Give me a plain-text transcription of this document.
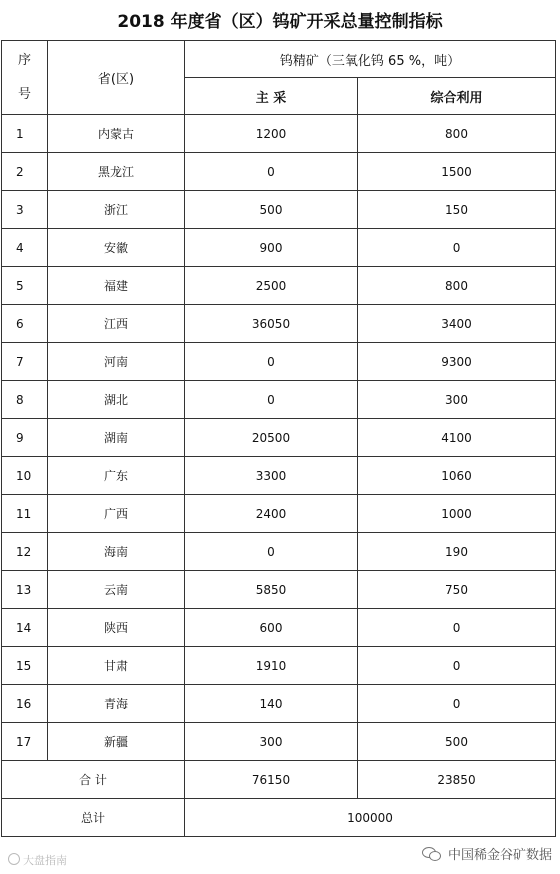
2018 年度省（区）钨矿开采总量控制指标
序
号	省(区)	钨精矿（三氧化钨 65 %，吨）	
		主 采	综合利用
1	内蒙古	1200	800
2	黑龙江	0	1500
3	浙江	500	150
4	安徽	900	0
5	福建	2500	800
6	江西	36050	3400
7	河南	0	9300
8	湖北	0	300
9	湖南	20500	4100
10	广东	3300	1060
11	广西	2400	1000
12	海南	0	190
13	云南	5850	750
14	陕西	600	0
15	甘肃	1910	0
16	青海	140	0
17	新疆	300	500
合 计		76150	23850
总计		100000	
大盘指南	中国稀金谷矿数据
